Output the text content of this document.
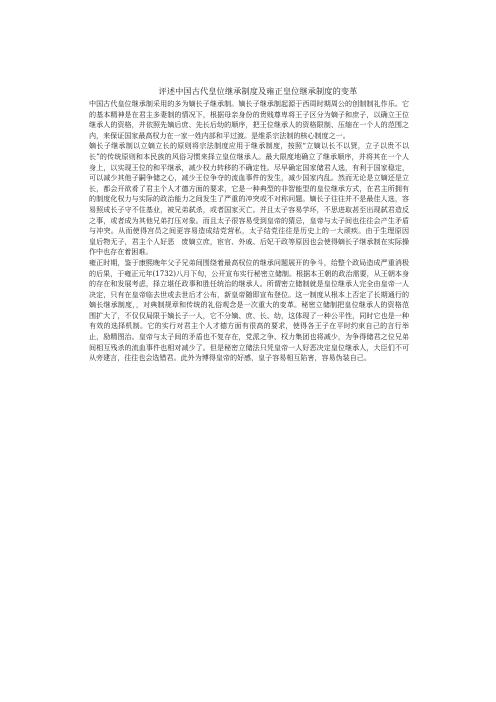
评述中国古代皇位继承制度及雍正皇位继承制度的变革

中国古代皇位继承制采用的多为嫡长子继承制。嫡长子继承制起源于西周时期周公的创制制礼作乐。它的基本精神是在君主多妻制的情况下，根据母亲身份的贵贱尊卑将王子区分为嫡子和庶子，以确立王位继承人的资格，并依照先嫡后庶、先长后幼的顺序，把王位继承人的资格限制、压缩在一个人的范围之内，来保证国家最高权力在一家一姓内部和平过渡。是维系宗法制的核心制度之一。

嫡长子继承制以立嫡立长的原则将宗法制度应用于继承制度，按照“立嫡以长不以贤，立子以贵不以长”的传统原则和本民族的风俗习惯来择立皇位继承人。最大限度地确立了继承顺序，并将其在一个人身上，以实现王位的和平继承，减少权力转移的不确定性。尽早确定国家储君人选，有利于国家稳定，可以减少其他子嗣争储之心，减少王位争夺的流血事件的发生，减少国家内乱。然而无论是立嫡还是立长，都会开欲肴了君主个人才德方面的要求，它是一种典型的非智能型的皇位继承方式，在君主所拥有的制度化权力与实际的政治能力之间发生了严重的冲突或不对称问题。嫡长子往往并不是最佳人选，容易照成长子守不住基业，被兄弟弑杀，或者国家灭亡。并且太子容易学坏，不思进取甚至出现弑君造反之事，或者成为其他兄弟打压对象。而且太子很容易受到皇帝的猜忌，皇帝与太子间也往往会产生矛盾与冲突。从而使得宫员之间更容易造成结党营私，太子结党往往是历史上的一大顽疾。由于生理原因　皇后物无子，君主个人好恶　废嫡立庶，宦官、外戚、后妃干政等原因也会使得嫡长子继承制在实际操作中也存在着困难。

雍正时期，鉴于康熙晚年父子兄弟间围绕着最高权位的继承问题展开的争斗，给整个政局造成严重消极的后果，于雍正元年(1732)八月下旬，公开宣布实行秘密立储制。根据本王朝的政治需要，从王朝本身的存在和发展考虑，择立堪任政事和胜任统治的继承人。所谓密立储制就是皇位继承人完全由皇帝一人决定，只有在皇帝临去世或去世后才公布，新皇帝随即宣布登位。这一制度从根本上否定了长期通行的嫡长继承制度，，对典制规章和传统的礼俗观念是一次重大的变革。秘密立储制把皇位继承人的资格范围扩大了，不仅仅局限于嫡长子一人，它不分嫡、庶、长、幼，这体现了一种公平性，同时它也是一种有效的选择机制。它的实行对君主个人才德方面有很高的要求，使得各王子在平时约束自己的言行举止，励精图治。皇帝与太子间的矛盾也不复存在，党派之争、权力集团也将减少，为争得储君之位兄弟间相互残杀的流血事件也相对减少了。但是秘密立储法只凭皇帝一人好恶决定皇位继承人，大臣们不可从旁建言，往往也会选错君。此外为博得皇帝的好感，皇子容易相互陷害，容易伪装自己。
